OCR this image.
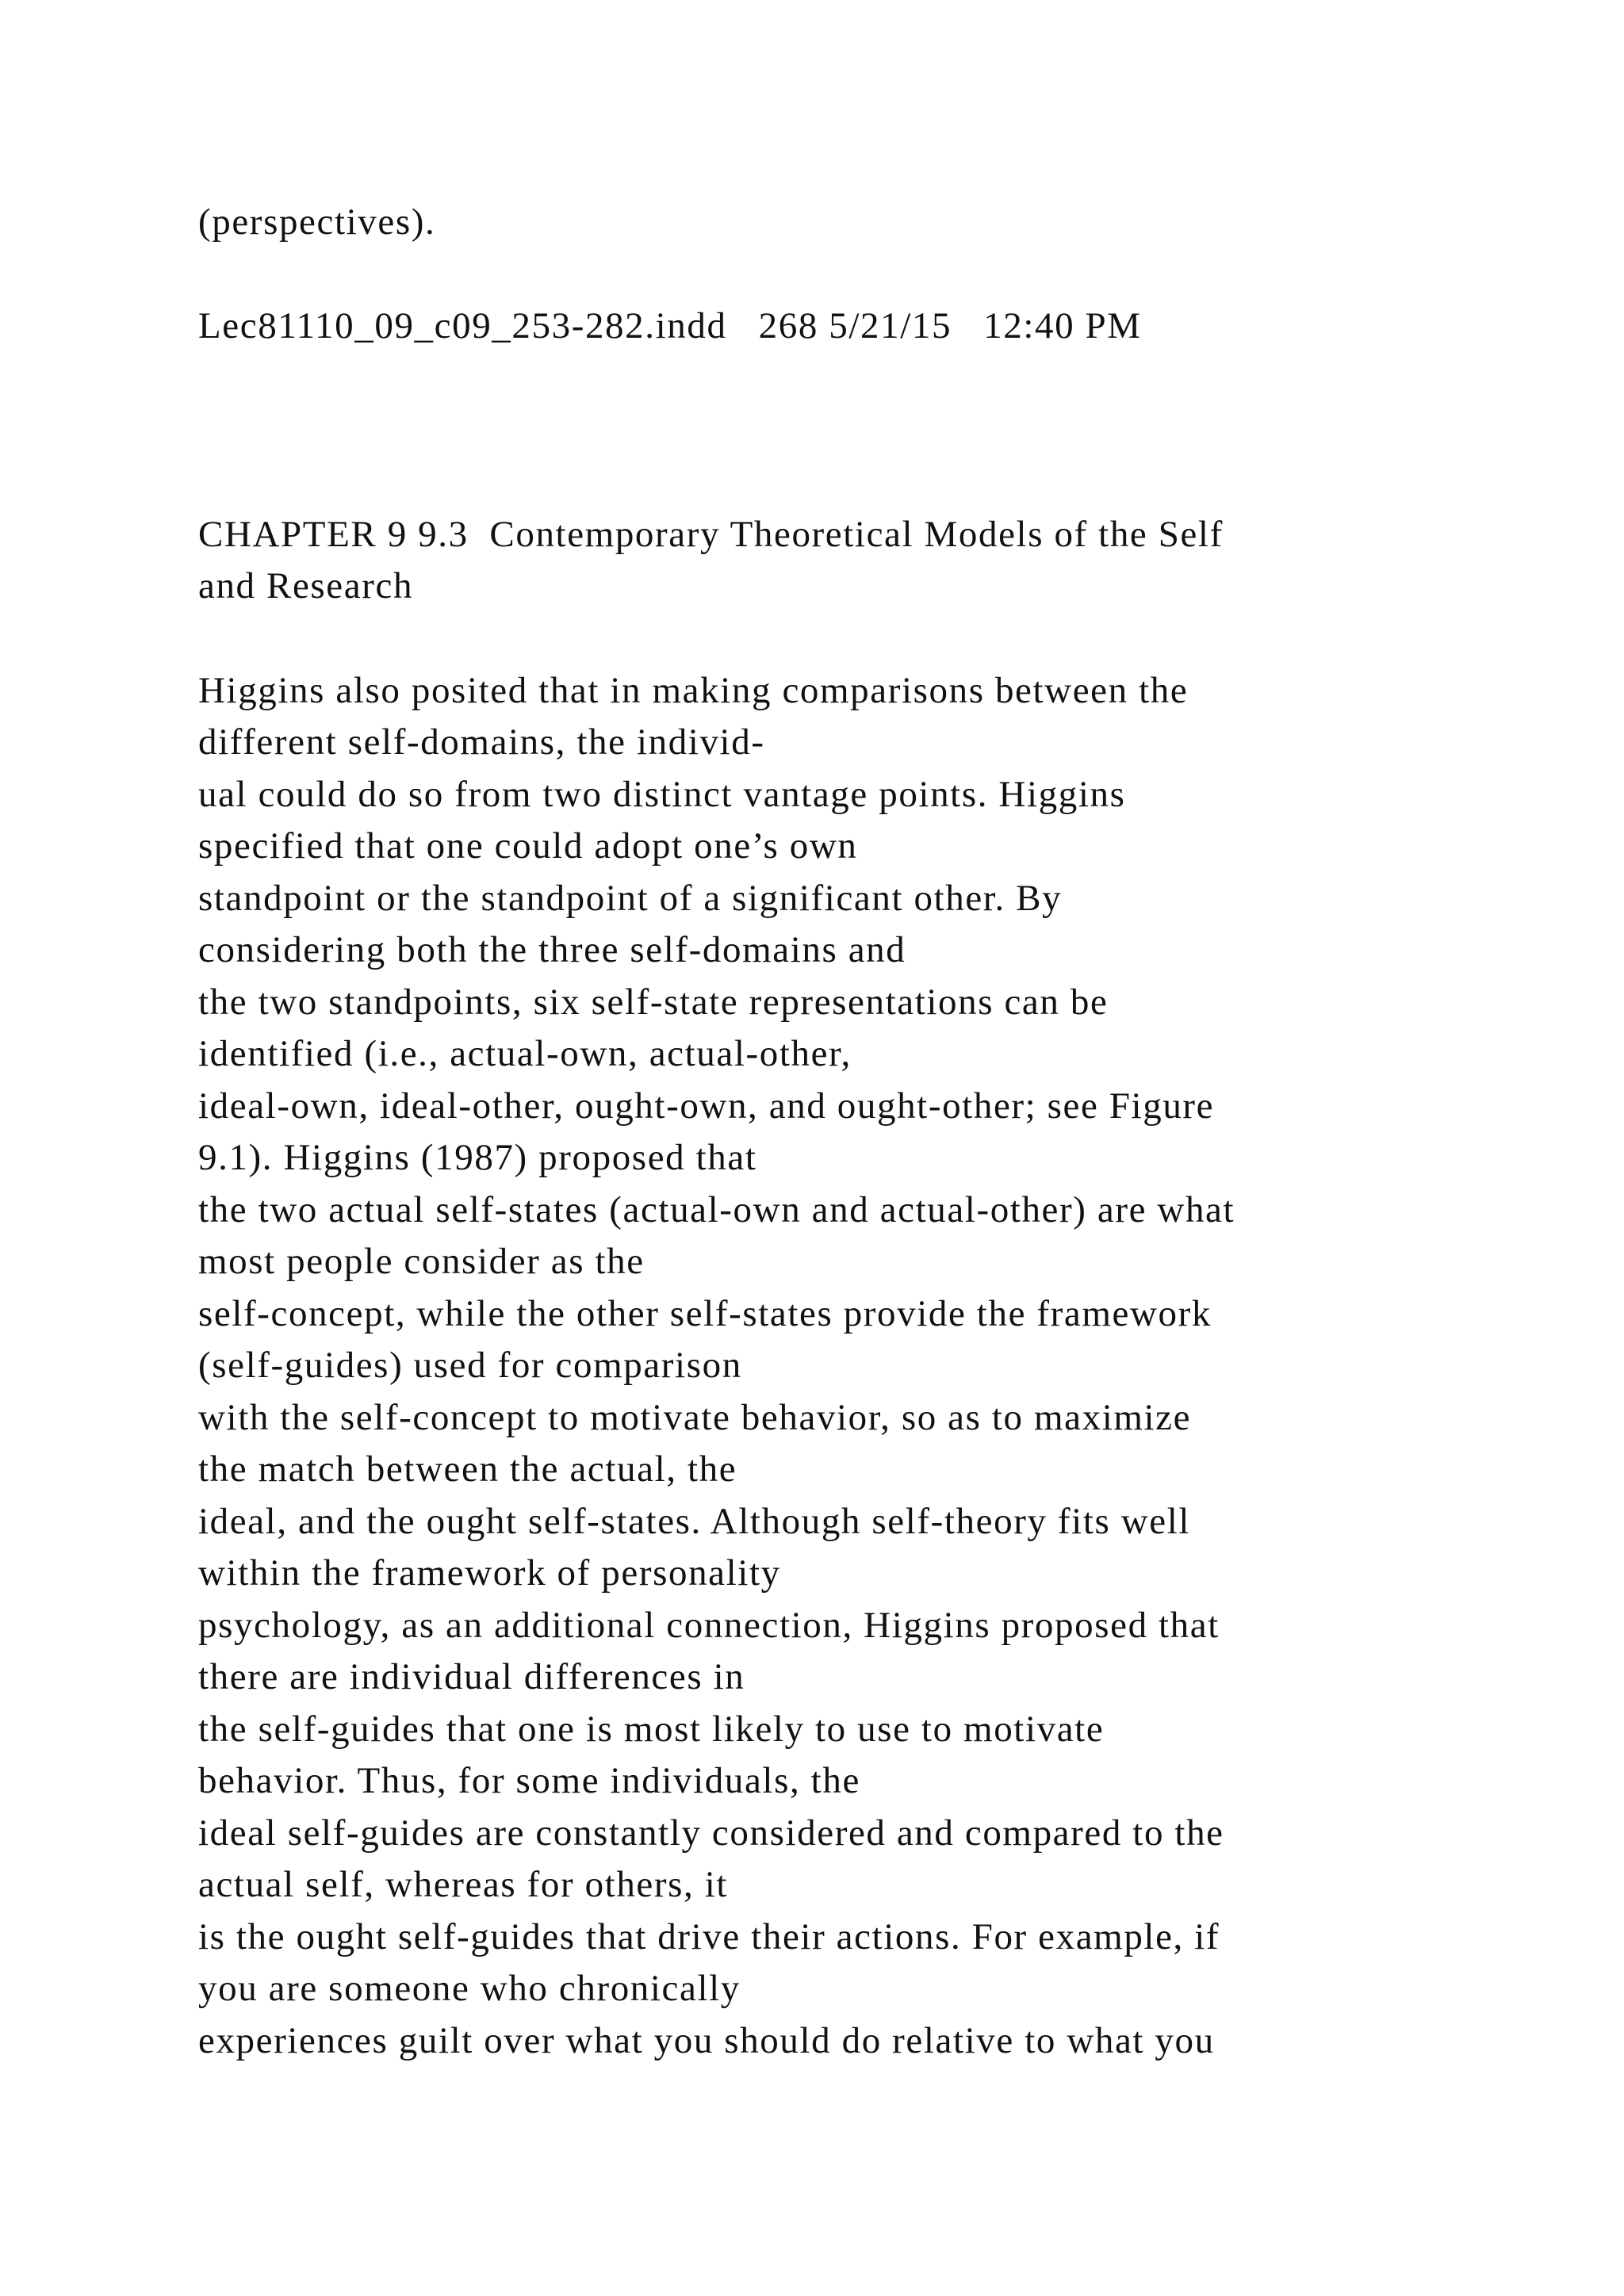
(perspectives).

Lec81110_09_c09_253-282.indd   268 5/21/15   12:40 PM

CHAPTER 9 9.3  Contemporary Theoretical Models of the Self

and Research

Higgins also posited that in making comparisons between the

different self-domains, the individ-

ual could do so from two distinct vantage points. Higgins

specified that one could adopt one’s own

standpoint or the standpoint of a significant other. By

considering both the three self-domains and

the two standpoints, six self-state representations can be

identified (i.e., actual-own, actual-other,

ideal-own, ideal-other, ought-own, and ought-other; see Figure

9.1). Higgins (1987) proposed that

the two actual self-states (actual-own and actual-other) are what

most people consider as the

self-concept, while the other self-states provide the framework

(self-guides) used for comparison

with the self-concept to motivate behavior, so as to maximize

the match between the actual, the

ideal, and the ought self-states. Although self-theory fits well

within the framework of personality

psychology, as an additional connection, Higgins proposed that

there are individual differences in

the self-guides that one is most likely to use to motivate

behavior. Thus, for some individuals, the

ideal self-guides are constantly considered and compared to the

actual self, whereas for others, it

is the ought self-guides that drive their actions. For example, if

you are someone who chronically

experiences guilt over what you should do relative to what you
